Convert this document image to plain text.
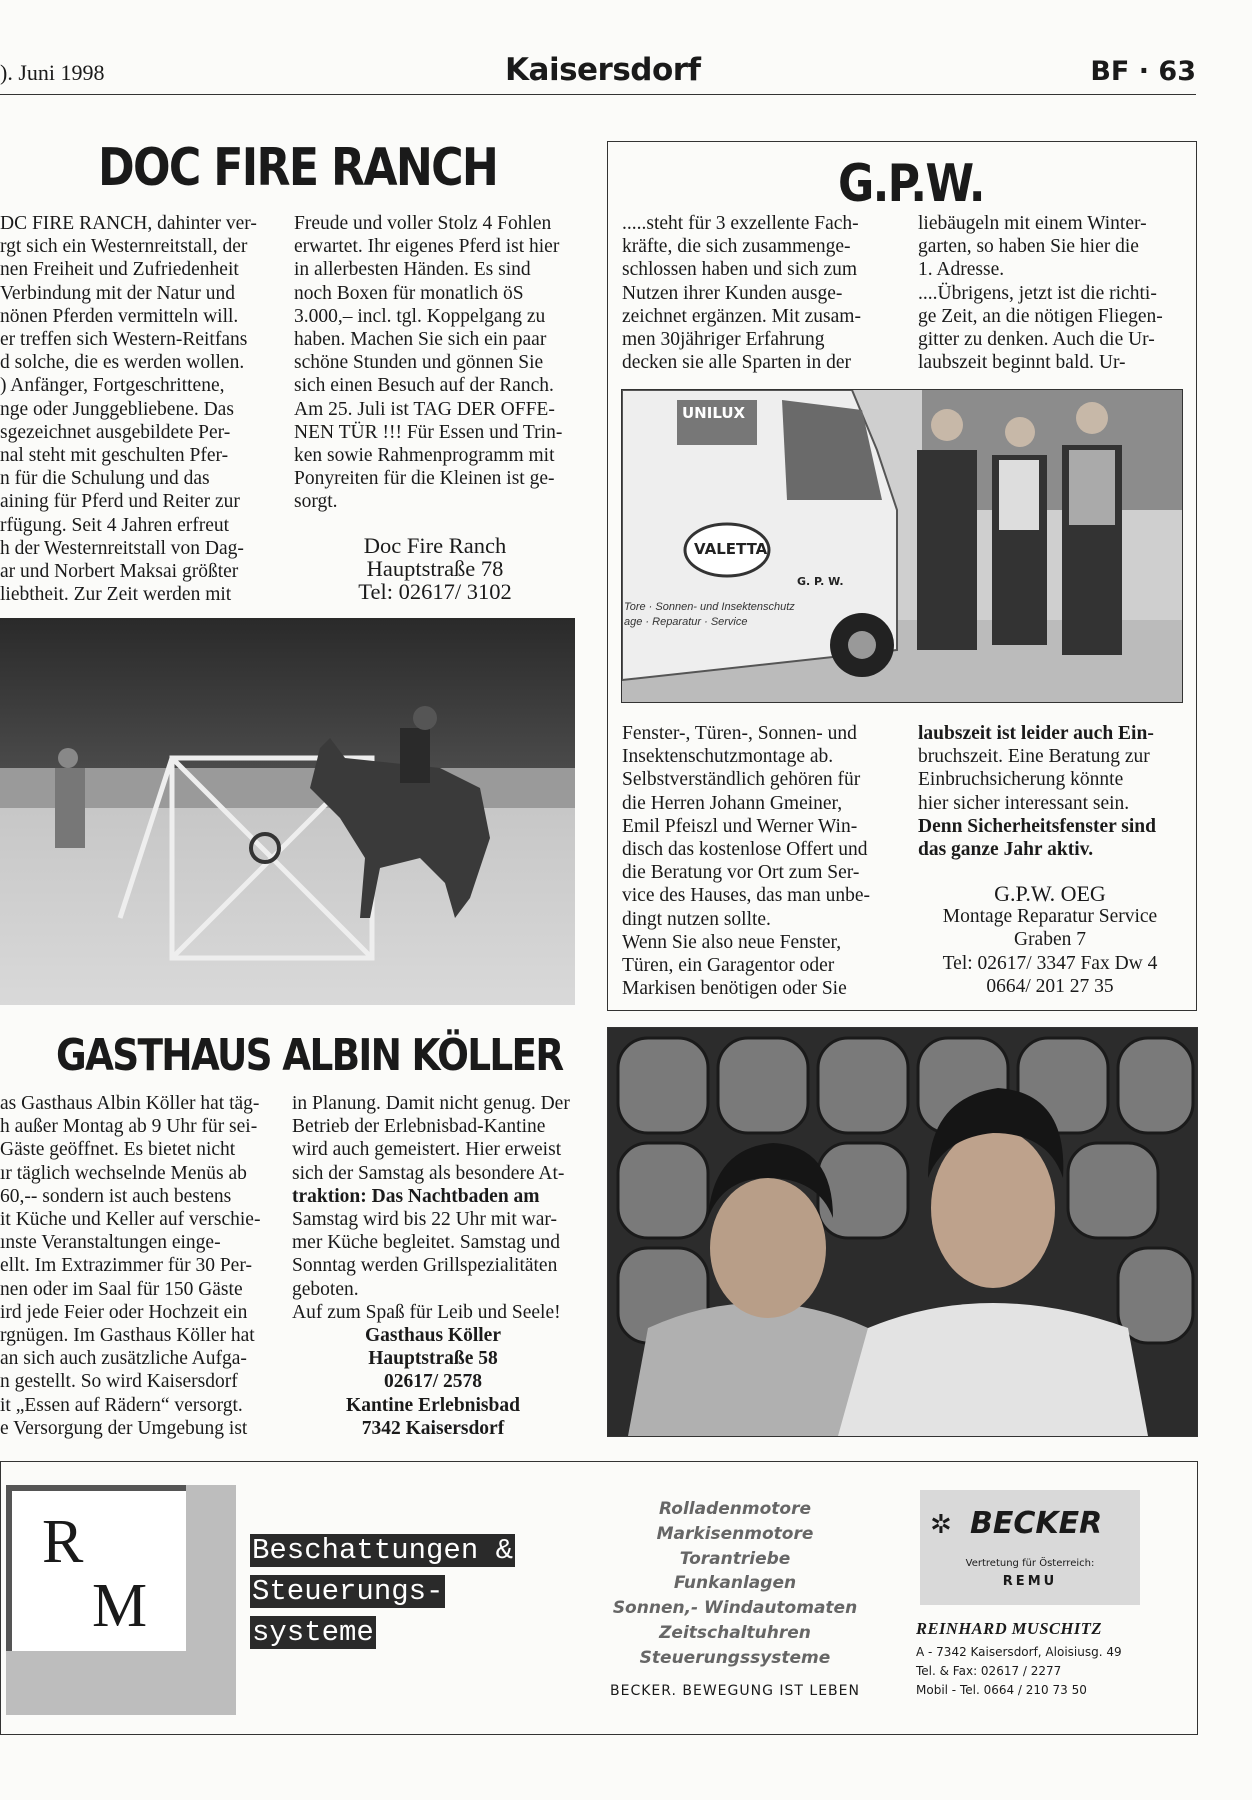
). Juni 1998	Kaisersdorf	BF · 63
DOC FIRE RANCH

DC FIRE RANCH, dahinter ver-

rgt sich ein Westernreitstall, der

nen Freiheit und Zufriedenheit

Verbindung mit der Natur und

nönen Pferden vermitteln will.

er treffen sich Western-Reitfans

d solche, die es werden wollen.

) Anfänger, Fortgeschrittene,

nge oder Junggebliebene. Das

sgezeichnet ausgebildete Per-

nal steht mit geschulten Pfer-

n für die Schulung und das

aining für Pferd und Reiter zur

rfügung. Seit 4 Jahren erfreut

h der Westernreitstall von Dag-

ar und Norbert Maksai größter

liebtheit. Zur Zeit werden mit

Freude und voller Stolz 4 Fohlen

erwartet. Ihr eigenes Pferd ist hier

in allerbesten Händen. Es sind

noch Boxen für monatlich öS

3.000,– incl. tgl. Koppelgang zu

haben. Machen Sie sich ein paar

schöne Stunden und gönnen Sie

sich einen Besuch auf der Ranch.

Am 25. Juli ist TAG DER OFFE-

NEN TÜR !!! Für Essen und Trin-

ken sowie Rahmenprogramm mit

Ponyreiten für die Kleinen ist ge-

sorgt.

Doc Fire Ranch
Hauptstraße 78
Tel: 02617/ 3102
G.P.W.

.....steht für 3 exzellente Fach-

kräfte, die sich zusammenge-

schlossen haben und sich zum

Nutzen ihrer Kunden ausge-

zeichnet ergänzen. Mit zusam-

men 30jähriger Erfahrung

decken sie alle Sparten in der

liebäugeln mit einem Winter-

garten, so haben Sie hier die

1. Adresse.

....Übrigens, jetzt ist die richti-

ge Zeit, an die nötigen Fliegen-

gitter zu denken. Auch die Ur-

laubszeit beginnt bald. Ur-

UNILUX
VALETTA
G. P. W.
Tore · Sonnen- und Insektenschutz
age · Reparatur · Service

Fenster-, Türen-, Sonnen- und

Insektenschutzmontage ab.

Selbstverständlich gehören für

die Herren Johann Gmeiner,

Emil Pfeiszl und Werner Win-

disch das kostenlose Offert und

die Beratung vor Ort zum Ser-

vice des Hauses, das man unbe-

dingt nutzen sollte.

Wenn Sie also neue Fenster,

Türen, ein Garagentor oder

Markisen benötigen oder Sie

laubszeit ist leider auch Ein-

bruchszeit. Eine Beratung zur

Einbruchsicherung könnte

hier sicher interessant sein.

Denn Sicherheitsfenster sind

das ganze Jahr aktiv.

G.P.W. OEG
Montage Reparatur Service
Graben 7
Tel: 02617/ 3347 Fax Dw 4
0664/ 201 27 35
GASTHAUS ALBIN KÖLLER

as Gasthaus Albin Köller hat täg-

h außer Montag ab 9 Uhr für sei-

Gäste geöffnet. Es bietet nicht

ır täglich wechselnde Menüs ab

60,-- sondern ist auch bestens

it Küche und Keller auf verschie-

ınste Veranstaltungen einge-

ellt. Im Extrazimmer für 30 Per-

nen oder im Saal für 150 Gäste

ird jede Feier oder Hochzeit ein

rgnügen. Im Gasthaus Köller hat

an sich auch zusätzliche Aufga-

n gestellt. So wird Kaisersdorf

it „Essen auf Rädern“ versorgt.

e Versorgung der Umgebung ist

in Planung. Damit nicht genug. Der

Betrieb der Erlebnisbad-Kantine

wird auch gemeistert. Hier erweist

sich der Samstag als besondere At-

traktion: Das Nachtbaden am

Samstag wird bis 22 Uhr mit war-

mer Küche begleitet. Samstag und

Sonntag werden Grillspezialitäten

geboten.

Auf zum Spaß für Leib und Seele!

Gasthaus Köller
Hauptstraße 58
02617/ 2578
Kantine Erlebnisbad
7342 Kaisersdorf
R
M
Beschattungen &
Steuerungs-
systeme
Rolladenmotore
Markisenmotore
Torantriebe
Funkanlagen
Sonnen,- Windautomaten
Zeitschaltuhren
Steuerungssysteme
BECKER. BEWEGUNG IST LEBEN
✲ BECKER
Vertretung für Österreich:
REMU
REINHARD MUSCHITZ
A - 7342 Kaisersdorf, Aloisiusg. 49
Tel. & Fax: 02617 / 2277
Mobil - Tel. 0664 / 210 73 50
